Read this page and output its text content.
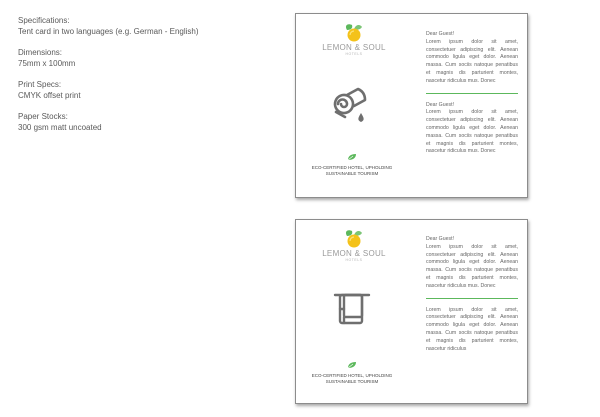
Specifications:
Tent card in two languages (e.g. German - English)
Dimensions:
75mm x 100mm
Print Specs:
CMYK offset print
Paper Stocks:
300 gsm matt uncoated
LEMON & SOUL
HOTELS
ECO-CERTIFIED HOTEL, UPHOLDING
SUSTAINABLE TOURISM
Dear Guest!
Lorem ipsum dolor sit amet, consectetuer adipiscing elit. Aenean commodo ligula eget dolor. Aenean massa. Cum sociis natoque penatibus et magnis dis parturient montes, nascetur ridiculus mus. Donec
Dear Guest!
Lorem ipsum dolor sit amet, consectetuer adipiscing elit. Aenean commodo ligula eget dolor. Aenean massa. Cum sociis natoque penatibus et magnis dis parturient montes, nascetur ridiculus mus. Donec
LEMON & SOUL
HOTELS
ECO-CERTIFIED HOTEL, UPHOLDING
SUSTAINABLE TOURISM
Dear Guest!
Lorem ipsum dolor sit amet, consectetuer adipiscing elit. Aenean commodo ligula eget dolor. Aenean massa. Cum sociis natoque penatibus et magnis dis parturient montes, nascetur ridiculus mus. Donec
Lorem ipsum dolor sit amet, consectetuer adipiscing elit. Aenean commodo ligula eget dolor. Aenean massa. Cum sociis natoque penatibus et magnis dis parturient montes, nascetur ridiculus
